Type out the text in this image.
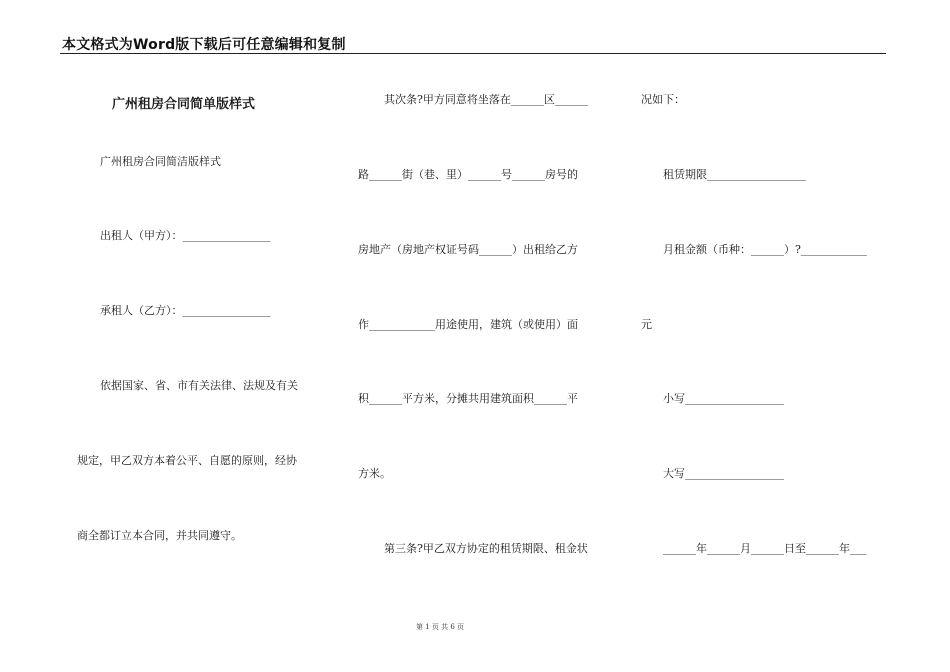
本文格式为Word版下载后可任意编辑和复制
广州租房合同简单版样式
广州租房合同简洁版样式
出租人（甲方）：________________
承租人（乙方）：________________
依据国家、省、市有关法律、法规及有关
规定，甲乙双方本着公平、自愿的原则，经协
商全都订立本合同，并共同遵守。
其次条?甲方同意将坐落在______区______
路______街（巷、里）______号______房号的
房地产（房地产权证号码______）出租给乙方
作____________用途使用，建筑（或使用）面
积______平方米，分摊共用建筑面积______平
方米。
第三条?甲乙双方协定的租赁期限、租金状
况如下：
租赁期限__________________
月租金额（币种：______）?____________
元
小写__________________
大写__________________
______年______月______日至______年___
第 1 页 共 6 页
